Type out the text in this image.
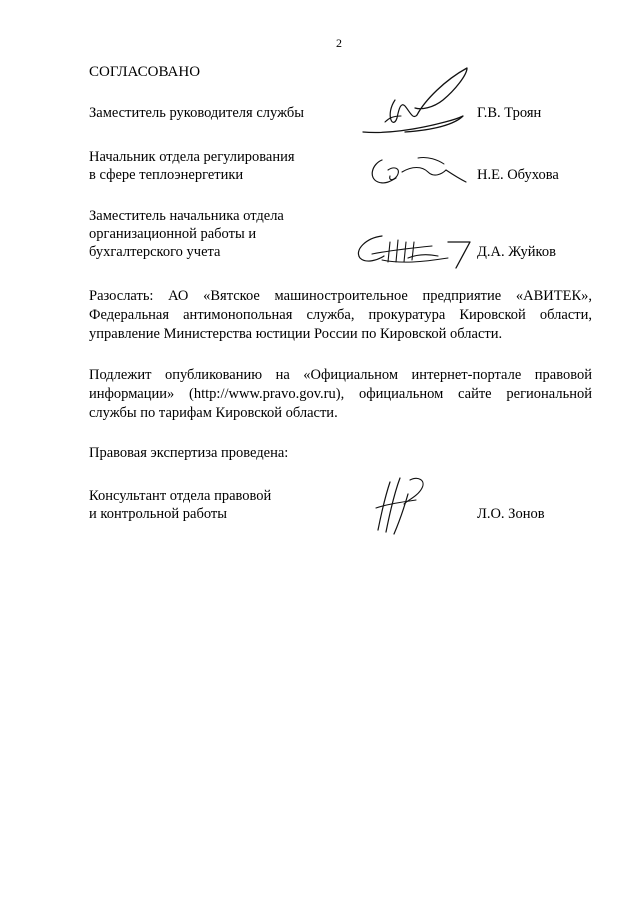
2
СОГЛАСОВАНО
Заместитель руководителя службы	Г.В. Троян
Начальник отдела регулирования
в сфере теплоэнергетики	Н.Е. Обухова
Заместитель начальника отдела
организационной работы и
бухгалтерского учета	Д.А. Жуйков
Разослать: АО «Вятское машиностроительное предприятие «АВИТЕК»,
Федеральная антимонопольная служба, прокуратура Кировской области,
управление Министерства юстиции России по Кировской области.
Подлежит опубликованию на «Официальном интернет-портале правовой
информации» (http://www.pravo.gov.ru), официальном сайте региональной
службы по тарифам Кировской области.
Правовая экспертиза проведена:
Консультант отдела правовой
и контрольной работы	Л.О. Зонов
